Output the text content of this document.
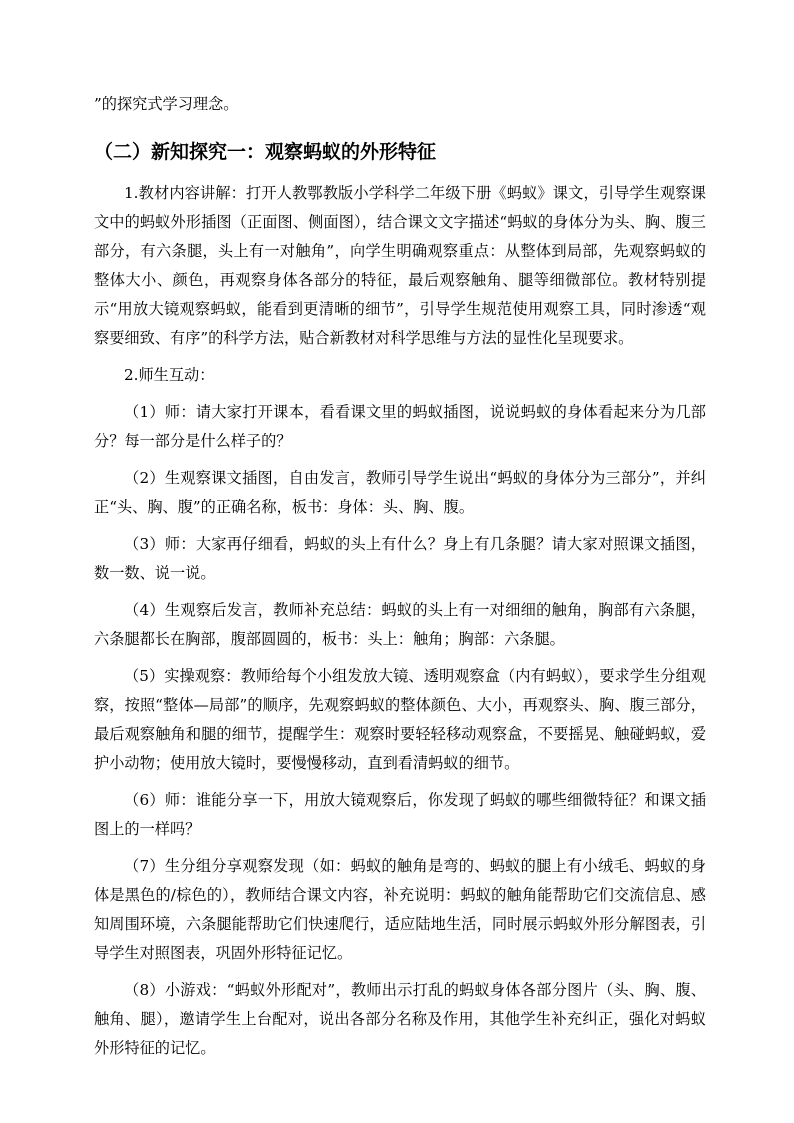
”的探究式学习理念。

（二）新知探究一：观察蚂蚁的外形特征

1.教材内容讲解：打开人教鄂教版小学科学二年级下册《蚂蚁》课文，引导学生观察课文中的蚂蚁外形插图（正面图、侧面图），结合课文文字描述“蚂蚁的身体分为头、胸、腹三部分，有六条腿，头上有一对触角”，向学生明确观察重点：从整体到局部，先观察蚂蚁的整体大小、颜色，再观察身体各部分的特征，最后观察触角、腿等细微部位。教材特别提示“用放大镜观察蚂蚁，能看到更清晰的细节”，引导学生规范使用观察工具，同时渗透“观察要细致、有序”的科学方法，贴合新教材对科学思维与方法的显性化呈现要求。

2.师生互动：

（1）师：请大家打开课本，看看课文里的蚂蚁插图，说说蚂蚁的身体看起来分为几部分？每一部分是什么样子的？

（2）生观察课文插图，自由发言，教师引导学生说出“蚂蚁的身体分为三部分”，并纠正“头、胸、腹”的正确名称，板书：身体：头、胸、腹。

（3）师：大家再仔细看，蚂蚁的头上有什么？身上有几条腿？请大家对照课文插图，数一数、说一说。

（4）生观察后发言，教师补充总结：蚂蚁的头上有一对细细的触角，胸部有六条腿，六条腿都长在胸部，腹部圆圆的，板书：头上：触角；胸部：六条腿。

（5）实操观察：教师给每个小组发放大镜、透明观察盒（内有蚂蚁），要求学生分组观察，按照“整体—局部”的顺序，先观察蚂蚁的整体颜色、大小，再观察头、胸、腹三部分，最后观察触角和腿的细节，提醒学生：观察时要轻轻移动观察盒，不要摇晃、触碰蚂蚁，爱护小动物；使用放大镜时，要慢慢移动，直到看清蚂蚁的细节。

（6）师：谁能分享一下，用放大镜观察后，你发现了蚂蚁的哪些细微特征？和课文插图上的一样吗？

（7）生分组分享观察发现（如：蚂蚁的触角是弯的、蚂蚁的腿上有小绒毛、蚂蚁的身体是黑色的/棕色的），教师结合课文内容，补充说明：蚂蚁的触角能帮助它们交流信息、感知周围环境，六条腿能帮助它们快速爬行，适应陆地生活，同时展示蚂蚁外形分解图表，引导学生对照图表，巩固外形特征记忆。

（8）小游戏：“蚂蚁外形配对”，教师出示打乱的蚂蚁身体各部分图片（头、胸、腹、触角、腿），邀请学生上台配对，说出各部分名称及作用，其他学生补充纠正，强化对蚂蚁外形特征的记忆。
